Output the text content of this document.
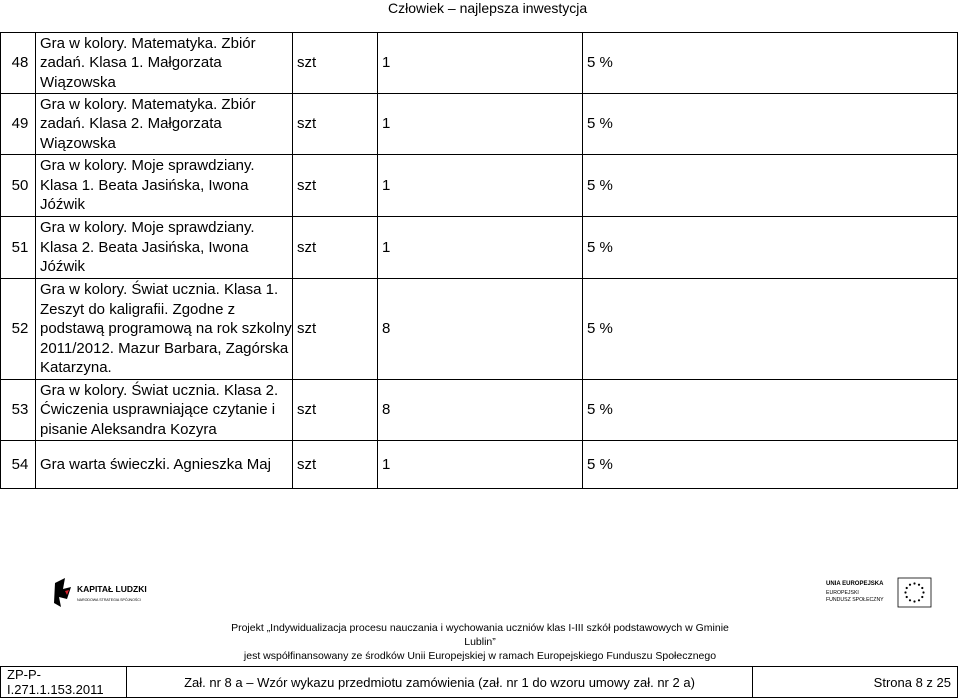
Człowiek – najlepsza inwestycja
48	Gra w kolory. Matematyka. Zbiór zadań. Klasa 1. Małgorzata Wiązowska	szt	1	5 %
49	Gra w kolory. Matematyka. Zbiór zadań. Klasa 2. Małgorzata Wiązowska	szt	1	5 %
50	Gra w kolory. Moje sprawdziany. Klasa 1. Beata Jasińska, Iwona Jóźwik	szt	1	5 %
51	Gra w kolory. Moje sprawdziany. Klasa 2. Beata Jasińska, Iwona Jóźwik	szt	1	5 %
52	Gra w kolory. Świat ucznia. Klasa 1. Zeszyt do kaligrafii. Zgodne z podstawą programową na rok szkolny 2011/2012. Mazur Barbara, Zagórska Katarzyna.	szt	8	5 %
53	Gra w kolory. Świat ucznia. Klasa 2. Ćwiczenia usprawniające czytanie i pisanie Aleksandra Kozyra	szt	8	5 %
54	Gra warta świeczki. Agnieszka Maj	szt	1	5 %
KAPITAŁ LUDZKI
NARODOWA STRATEGIA SPÓJNOŚCI
UNIA EUROPEJSKA
EUROPEJSKI
FUNDUSZ SPOŁECZNY
Projekt „Indywidualizacja procesu nauczania i wychowania uczniów klas I-III szkół podstawowych w Gminie Lublin”
jest współfinansowany ze środków Unii Europejskiej w ramach Europejskiego Funduszu Społecznego
ZP-P-I.271.1.153.2011	Zał. nr 8 a – Wzór wykazu przedmiotu zamówienia (zał. nr 1 do wzoru umowy zał. nr 2 a)	Strona 8 z 25
